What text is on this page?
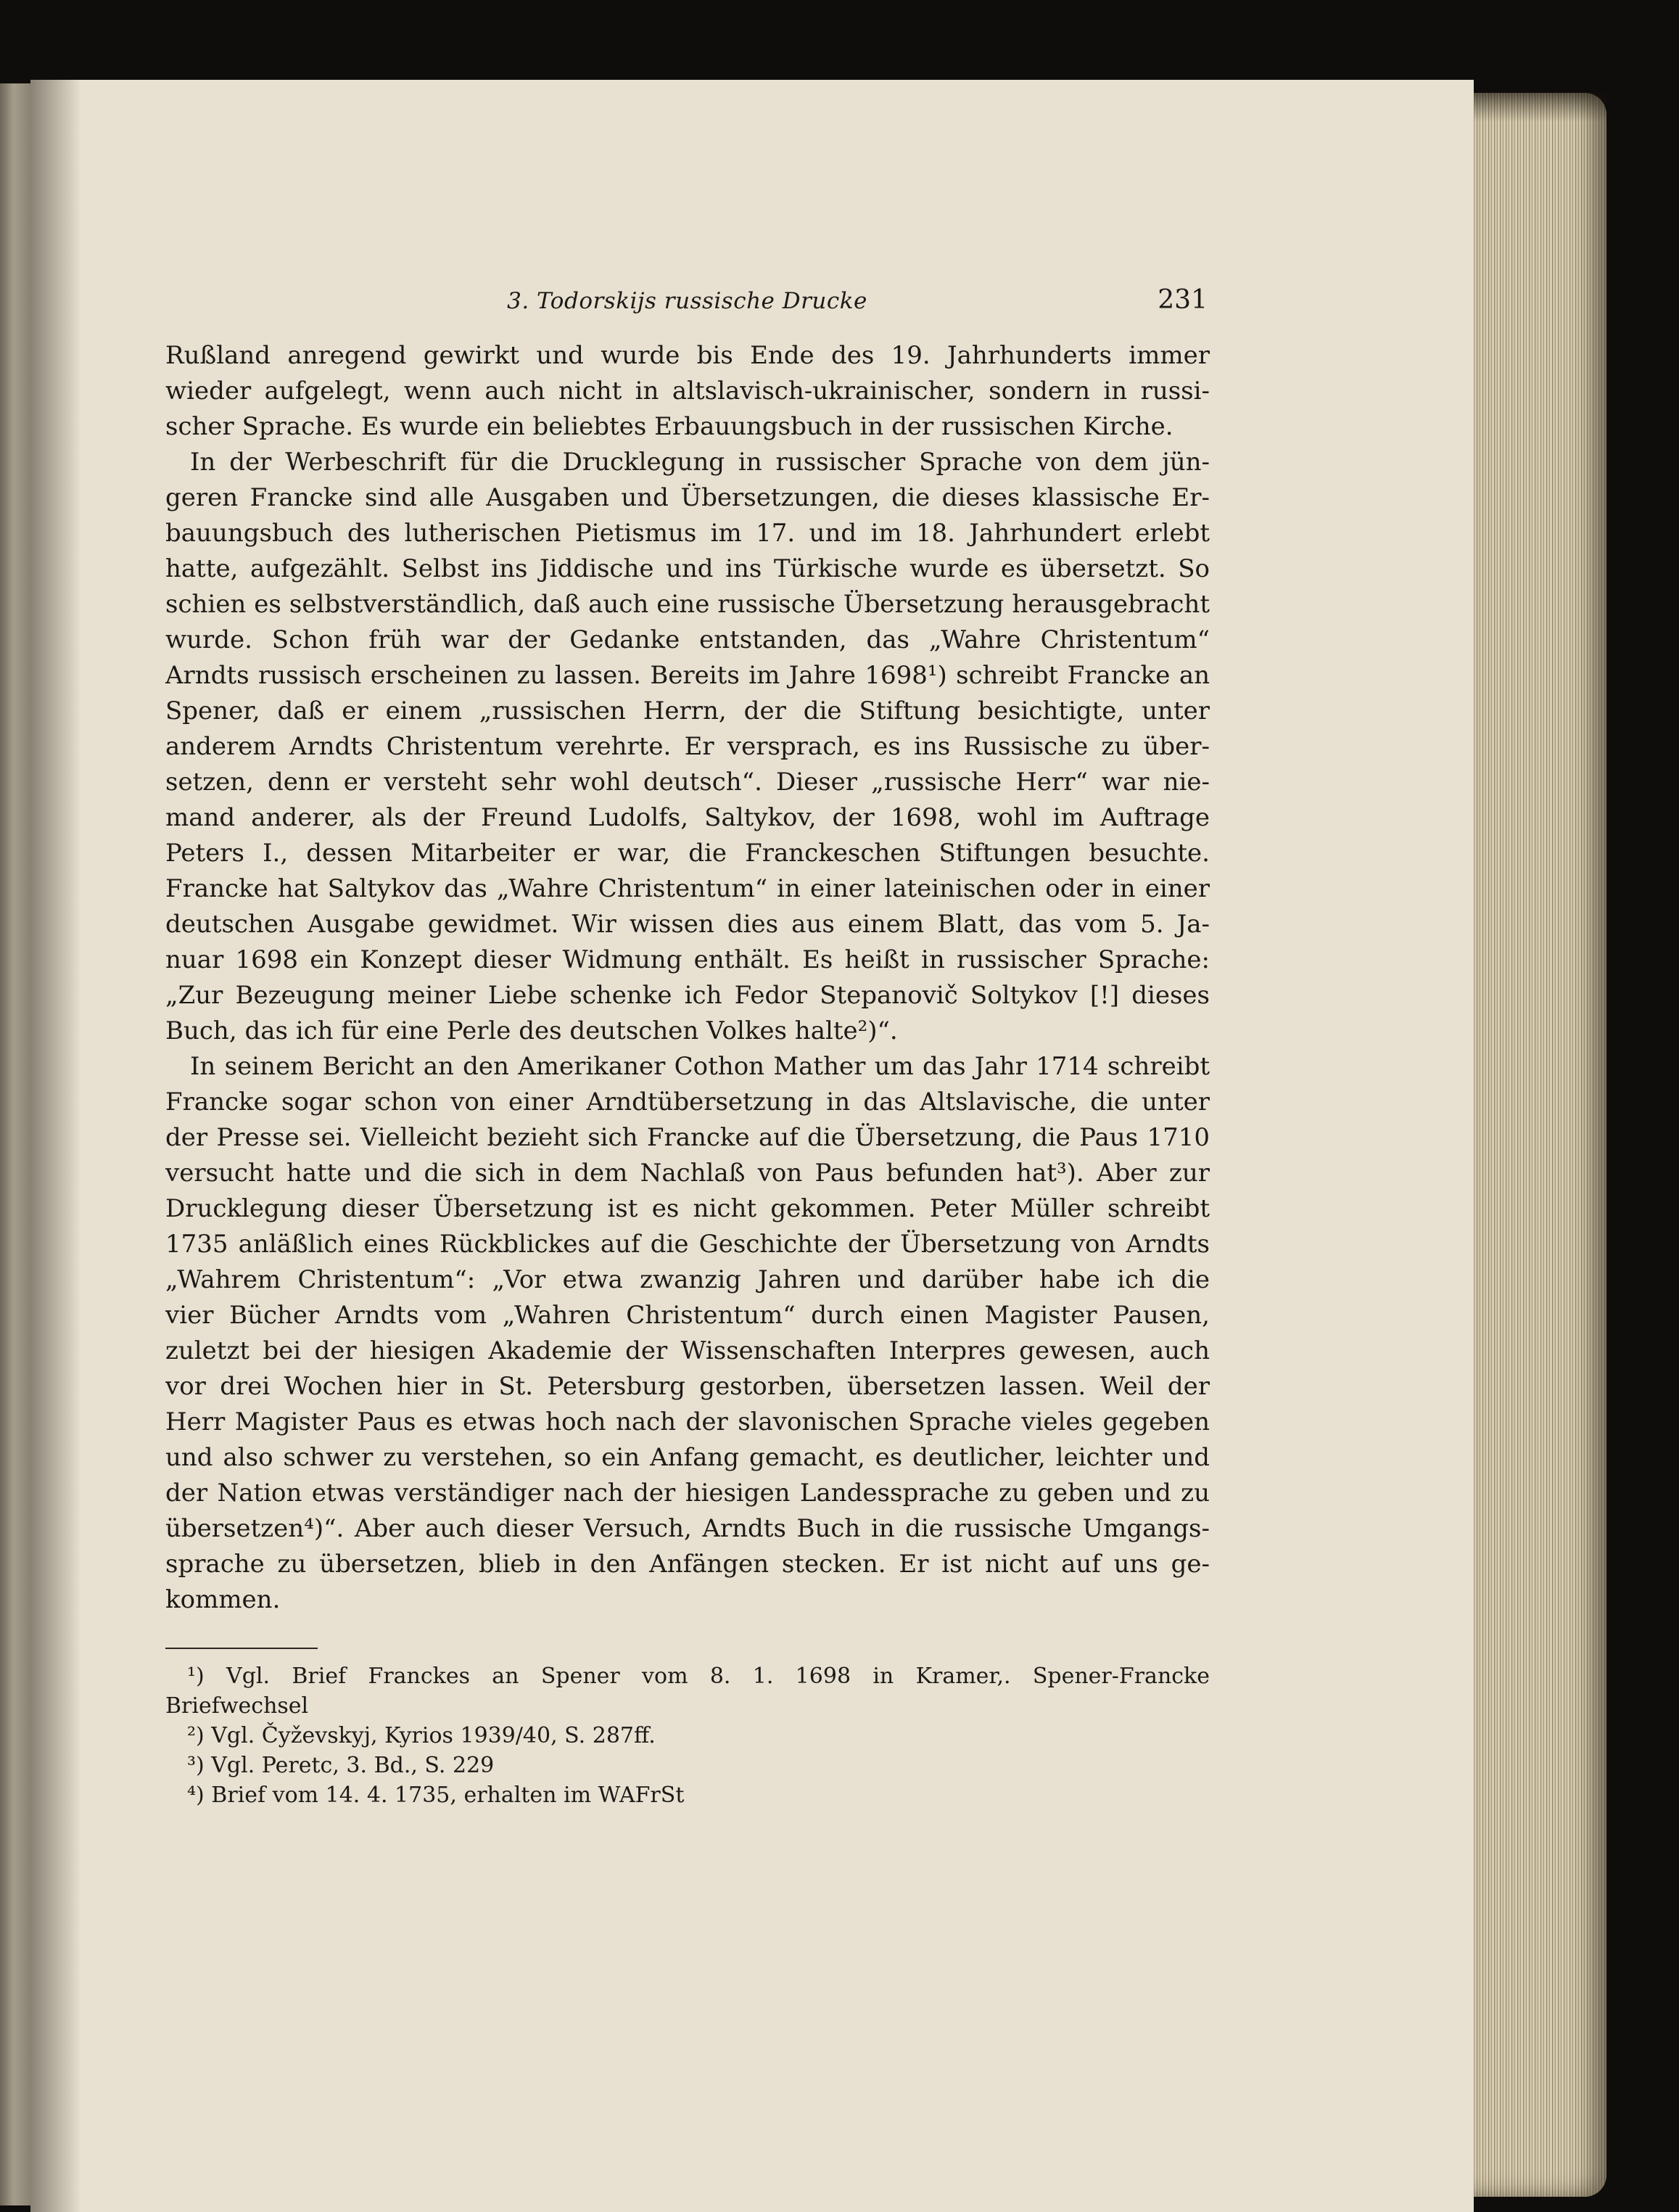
3. Todorskijs russische Drucke	231
Rußland anregend gewirkt und wurde bis Ende des 19. Jahrhunderts immer
wieder aufgelegt, wenn auch nicht in altslavisch-ukrainischer, sondern in russi-
scher Sprache. Es wurde ein beliebtes Erbauungsbuch in der russischen Kirche.
In der Werbeschrift für die Drucklegung in russischer Sprache von dem jün-
geren Francke sind alle Ausgaben und Übersetzungen, die dieses klassische Er-
bauungsbuch des lutherischen Pietismus im 17. und im 18. Jahrhundert erlebt
hatte, aufgezählt. Selbst ins Jiddische und ins Türkische wurde es übersetzt. So
schien es selbstverständlich, daß auch eine russische Übersetzung herausgebracht
wurde. Schon früh war der Gedanke entstanden, das „Wahre Christentum“
Arndts russisch erscheinen zu lassen. Bereits im Jahre 1698¹) schreibt Francke an
Spener, daß er einem „russischen Herrn, der die Stiftung besichtigte, unter
anderem Arndts Christentum verehrte. Er versprach, es ins Russische zu über-
setzen, denn er versteht sehr wohl deutsch“. Dieser „russische Herr“ war nie-
mand anderer, als der Freund Ludolfs, Saltykov, der 1698, wohl im Auftrage
Peters I., dessen Mitarbeiter er war, die Franckeschen Stiftungen besuchte.
Francke hat Saltykov das „Wahre Christentum“ in einer lateinischen oder in einer
deutschen Ausgabe gewidmet. Wir wissen dies aus einem Blatt, das vom 5. Ja-
nuar 1698 ein Konzept dieser Widmung enthält. Es heißt in russischer Sprache:
„Zur Bezeugung meiner Liebe schenke ich Fedor Stepanovič Soltykov [!] dieses
Buch, das ich für eine Perle des deutschen Volkes halte²)“.
In seinem Bericht an den Amerikaner Cothon Mather um das Jahr 1714 schreibt
Francke sogar schon von einer Arndtübersetzung in das Altslavische, die unter
der Presse sei. Vielleicht bezieht sich Francke auf die Übersetzung, die Paus 1710
versucht hatte und die sich in dem Nachlaß von Paus befunden hat³). Aber zur
Drucklegung dieser Übersetzung ist es nicht gekommen. Peter Müller schreibt
1735 anläßlich eines Rückblickes auf die Geschichte der Übersetzung von Arndts
„Wahrem Christentum“: „Vor etwa zwanzig Jahren und darüber habe ich die
vier Bücher Arndts vom „Wahren Christentum“ durch einen Magister Pausen,
zuletzt bei der hiesigen Akademie der Wissenschaften Interpres gewesen, auch
vor drei Wochen hier in St. Petersburg gestorben, übersetzen lassen. Weil der
Herr Magister Paus es etwas hoch nach der slavonischen Sprache vieles gegeben
und also schwer zu verstehen, so ein Anfang gemacht, es deutlicher, leichter und
der Nation etwas verständiger nach der hiesigen Landessprache zu geben und zu
übersetzen⁴)“. Aber auch dieser Versuch, Arndts Buch in die russische Umgangs-
sprache zu übersetzen, blieb in den Anfängen stecken. Er ist nicht auf uns ge-
kommen.
¹) Vgl. Brief Franckes an Spener vom 8. 1. 1698 in Kramer,. Spener-Francke
Briefwechsel
²) Vgl. Čyževskyj, Kyrios 1939/40, S. 287ff.
³) Vgl. Peretc, 3. Bd., S. 229
⁴) Brief vom 14. 4. 1735, erhalten im WAFrSt
